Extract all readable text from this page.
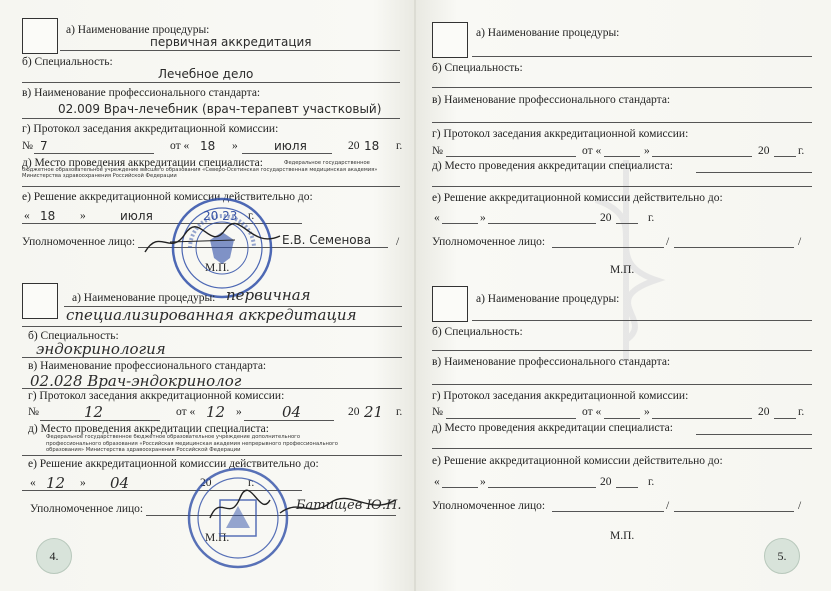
а) Наименование процедуры:
первичная аккредитация
б) Специальность:
Лечебное дело
в) Наименование профессионального стандарта:
02.009 Врач-лечебник (врач-терапевт участковый)
г) Протокол заседания аккредитационной комиссии:
№ 7	от « 18 »	июля	20 18 г.
д) Место проведения аккредитации специалиста:	Федеральное государственное бюджетное образовательное учреждение высшего образования «Северо-Осетинская государственная медицинская академия» Министерства здравоохранения Российской Федерации
е) Решение аккредитационной комиссии действительно до:
« 18 »	июля	20 23 г.
Уполномоченное лицо:	Е.В. Семенова /
М.П.
а) Наименование процедуры: первичная
специализированная аккредитация
б) Специальность:
эндокринология
в) Наименование профессионального стандарта:
02.028 Врач-эндокринолог
г) Протокол заседания аккредитационной комиссии:
№	12	от « 12 »	04	20 21 г.
д) Место проведения аккредитации специалиста:
Федеральное государственное бюджетное образовательное учреждение дополнительного профессионального образования «Российская медицинская академия непрерывного профессионального образования» Министерства здравоохранения Российской Федерации
е) Решение аккредитационной комиссии действительно до:
« 12 » 04	20	г.
Уполномоченное лицо:	Батищев Ю.Н.
М.П.
4.
а) Наименование процедуры:
б) Специальность:
в) Наименование профессионального стандарта:
г) Протокол заседания аккредитационной комиссии:
№	от «	»	20 г.
д) Место проведения аккредитации специалиста:
е) Решение аккредитационной комиссии действительно до:
«	»	20	г.
Уполномоченное лицо:	/	/
М.П.
а) Наименование процедуры:
б) Специальность:
в) Наименование профессионального стандарта:
г) Протокол заседания аккредитационной комиссии:
№	от «	»	20 г.
д) Место проведения аккредитации специалиста:
е) Решение аккредитационной комиссии действительно до:
«	»	20	г.
Уполномоченное лицо:	/	/
М.П.
5.
